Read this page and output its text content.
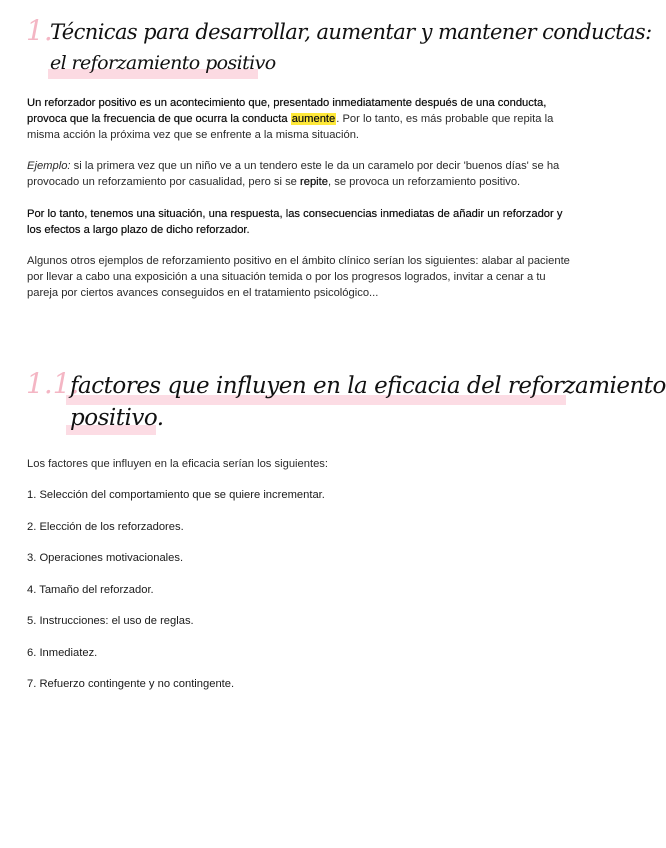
1.
Técnicas para desarrollar, aumentar y mantener conductas:
el reforzamiento positivo
Un reforzador positivo es un acontecimiento que, presentado inmediatamente después de una conducta, provoca que la frecuencia de que ocurra la conducta aumente. Por lo tanto, es más probable que repita la misma acción la próxima vez que se enfrente a la misma situación.
Ejemplo: si la primera vez que un niño ve a un tendero este le da un caramelo por decir 'buenos días' se ha provocado un reforzamiento por casualidad, pero si se repite, se provoca un reforzamiento positivo.
Por lo tanto, tenemos una situación, una respuesta, las consecuencias inmediatas de añadir un reforzador y los efectos a largo plazo de dicho reforzador.
Algunos otros ejemplos de reforzamiento positivo en el ámbito clínico serían los siguientes: alabar al paciente por llevar a cabo una exposición a una situación temida o por los progresos logrados, invitar a cenar a tu pareja por ciertos avances conseguidos en el tratamiento psicológico...
1.1.
factores que influyen en la eficacia del reforzamiento
positivo.
Los factores que influyen en la eficacia serían los siguientes:
1. Selección del comportamiento que se quiere incrementar.
2. Elección de los reforzadores.
3. Operaciones motivacionales.
4. Tamaño del reforzador.
5. Instrucciones: el uso de reglas.
6. Inmediatez.
7. Refuerzo contingente y no contingente.
